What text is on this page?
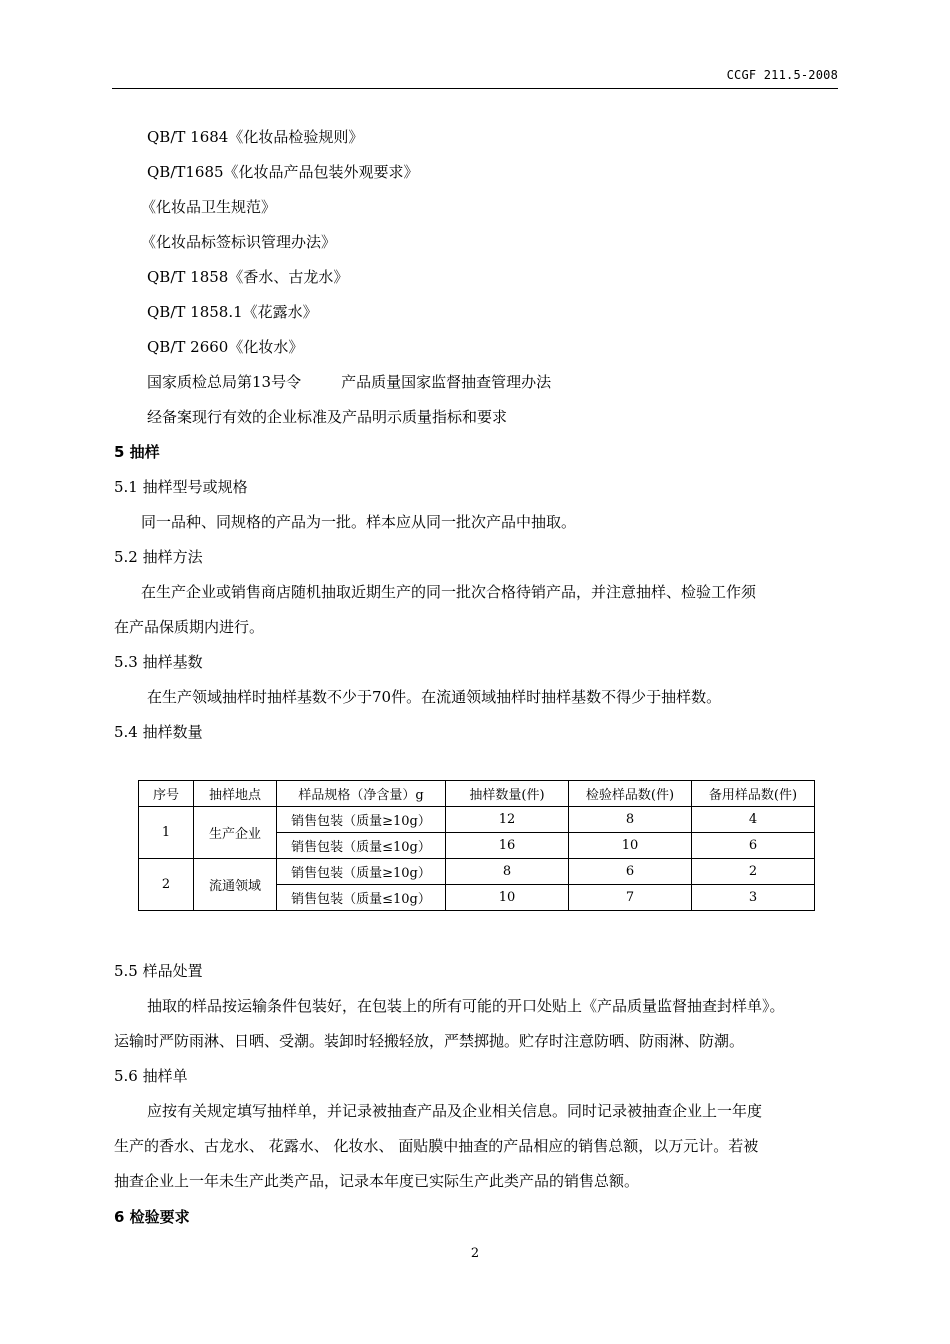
CCGF 211.5-2008
QB/T 1684《化妆品检验规则》
QB/T1685《化妆品产品包装外观要求》
《化妆品卫生规范》
《化妆品标签标识管理办法》
QB/T 1858《香水、古龙水》
QB/T 1858.1《花露水》
QB/T 2660《化妆水》
国家质检总局第13号令	产品质量国家监督抽查管理办法
经备案现行有效的企业标准及产品明示质量指标和要求
5 抽样
5.1 抽样型号或规格
同一品种、同规格的产品为一批。样本应从同一批次产品中抽取。
5.2 抽样方法
在生产企业或销售商店随机抽取近期生产的同一批次合格待销产品，并注意抽样、检验工作须
在产品保质期内进行。
5.3 抽样基数
在生产领域抽样时抽样基数不少于70件。在流通领域抽样时抽样基数不得少于抽样数。
5.4 抽样数量
序号	抽样地点	样品规格（净含量）g	抽样数量(件)	检验样品数(件)	备用样品数(件)
1	生产企业	销售包装（质量≥10g）	12	8	4
		销售包装（质量≤10g）	16	10	6
2	流通领域	销售包装（质量≥10g）	8	6	2
		销售包装（质量≤10g）	10	7	3
5.5 样品处置
抽取的样品按运输条件包装好，在包装上的所有可能的开口处贴上《产品质量监督抽查封样单》。
运输时严防雨淋、日晒、受潮。装卸时轻搬轻放，严禁掷抛。贮存时注意防晒、防雨淋、防潮。
5.6 抽样单
应按有关规定填写抽样单，并记录被抽查产品及企业相关信息。同时记录被抽查企业上一年度
生产的香水、古龙水、 花露水、 化妆水、 面贴膜中抽查的产品相应的销售总额，以万元计。若被
抽查企业上一年未生产此类产品，记录本年度已实际生产此类产品的销售总额。
6 检验要求
2
